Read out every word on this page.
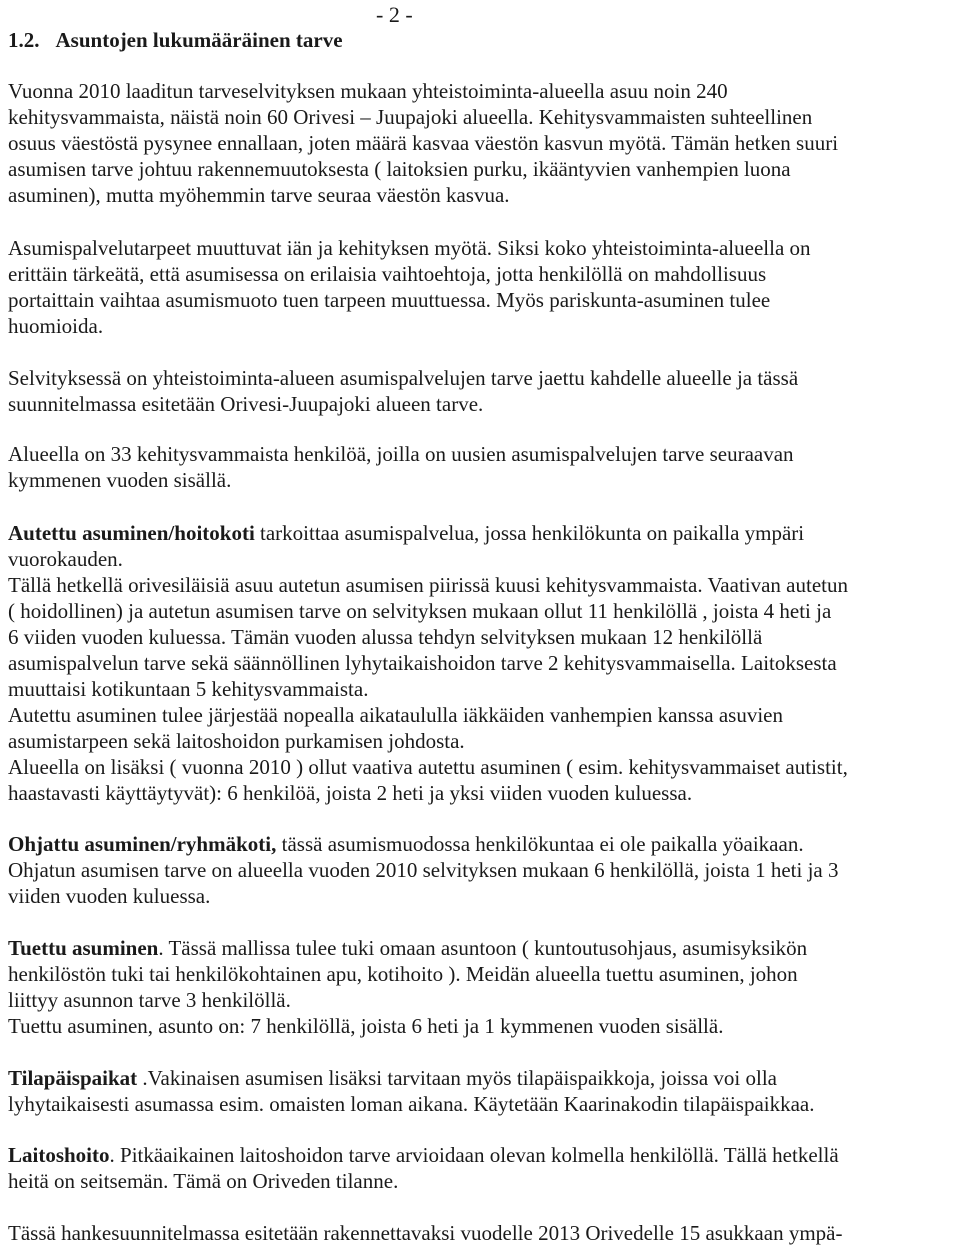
- 2 -
1.2. Asuntojen lukumääräinen tarve
Vuonna 2010 laaditun tarveselvityksen mukaan yhteistoiminta-alueella asuu noin 240
kehitysvammaista, näistä noin 60 Orivesi – Juupajoki alueella. Kehitysvammaisten suhteellinen
osuus väestöstä pysynee ennallaan, joten määrä kasvaa väestön kasvun myötä. Tämän hetken suuri
asumisen tarve johtuu rakennemuutoksesta ( laitoksien purku, ikääntyvien vanhempien luona
asuminen), mutta myöhemmin tarve seuraa väestön kasvua.
Asumispalvelutarpeet muuttuvat iän ja kehityksen myötä. Siksi koko yhteistoiminta-alueella on
erittäin tärkeätä, että asumisessa on erilaisia vaihtoehtoja, jotta henkilöllä on mahdollisuus
portaittain vaihtaa asumismuoto tuen tarpeen muuttuessa. Myös pariskunta-asuminen tulee
huomioida.
Selvityksessä on yhteistoiminta-alueen asumispalvelujen tarve jaettu kahdelle alueelle ja tässä
suunnitelmassa esitetään Orivesi-Juupajoki alueen tarve.
Alueella on 33 kehitysvammaista henkilöä, joilla on uusien asumispalvelujen tarve seuraavan
kymmenen vuoden sisällä.
Autettu asuminen/hoitokoti tarkoittaa asumispalvelua, jossa henkilökunta on paikalla ympäri
vuorokauden.
Tällä hetkellä orivesiläisiä asuu autetun asumisen piirissä kuusi kehitysvammaista. Vaativan autetun
( hoidollinen) ja autetun asumisen tarve on selvityksen mukaan ollut 11 henkilöllä , joista 4 heti ja
6 viiden vuoden kuluessa. Tämän vuoden alussa tehdyn selvityksen mukaan 12 henkilöllä
asumispalvelun tarve sekä säännöllinen lyhytaikaishoidon tarve 2 kehitysvammaisella. Laitoksesta
muuttaisi kotikuntaan 5 kehitysvammaista.
Autettu asuminen tulee järjestää nopealla aikataululla iäkkäiden vanhempien kanssa asuvien
asumistarpeen sekä laitoshoidon purkamisen johdosta.
Alueella on lisäksi ( vuonna 2010 ) ollut vaativa autettu asuminen ( esim. kehitysvammaiset autistit,
haastavasti käyttäytyvät): 6 henkilöä, joista 2 heti ja yksi viiden vuoden kuluessa.
Ohjattu asuminen/ryhmäkoti, tässä asumismuodossa henkilökuntaa ei ole paikalla yöaikaan.
Ohjatun asumisen tarve on alueella vuoden 2010 selvityksen mukaan 6 henkilöllä, joista 1 heti ja 3
viiden vuoden kuluessa.
Tuettu asuminen. Tässä mallissa tulee tuki omaan asuntoon ( kuntoutusohjaus, asumisyksikön
henkilöstön tuki tai henkilökohtainen apu, kotihoito ). Meidän alueella tuettu asuminen, johon
liittyy asunnon tarve 3 henkilöllä.
Tuettu asuminen, asunto on: 7 henkilöllä, joista 6 heti ja 1 kymmenen vuoden sisällä.
Tilapäispaikat .Vakinaisen asumisen lisäksi tarvitaan myös tilapäispaikkoja, joissa voi olla
lyhytaikaisesti asumassa esim. omaisten loman aikana. Käytetään Kaarinakodin tilapäispaikkaa.
Laitoshoito. Pitkäaikainen laitoshoidon tarve arvioidaan olevan kolmella henkilöllä. Tällä hetkellä
heitä on seitsemän. Tämä on Oriveden tilanne.
Tässä hankesuunnitelmassa esitetään rakennettavaksi vuodelle 2013 Orivedelle 15 asukkaan ympä-
